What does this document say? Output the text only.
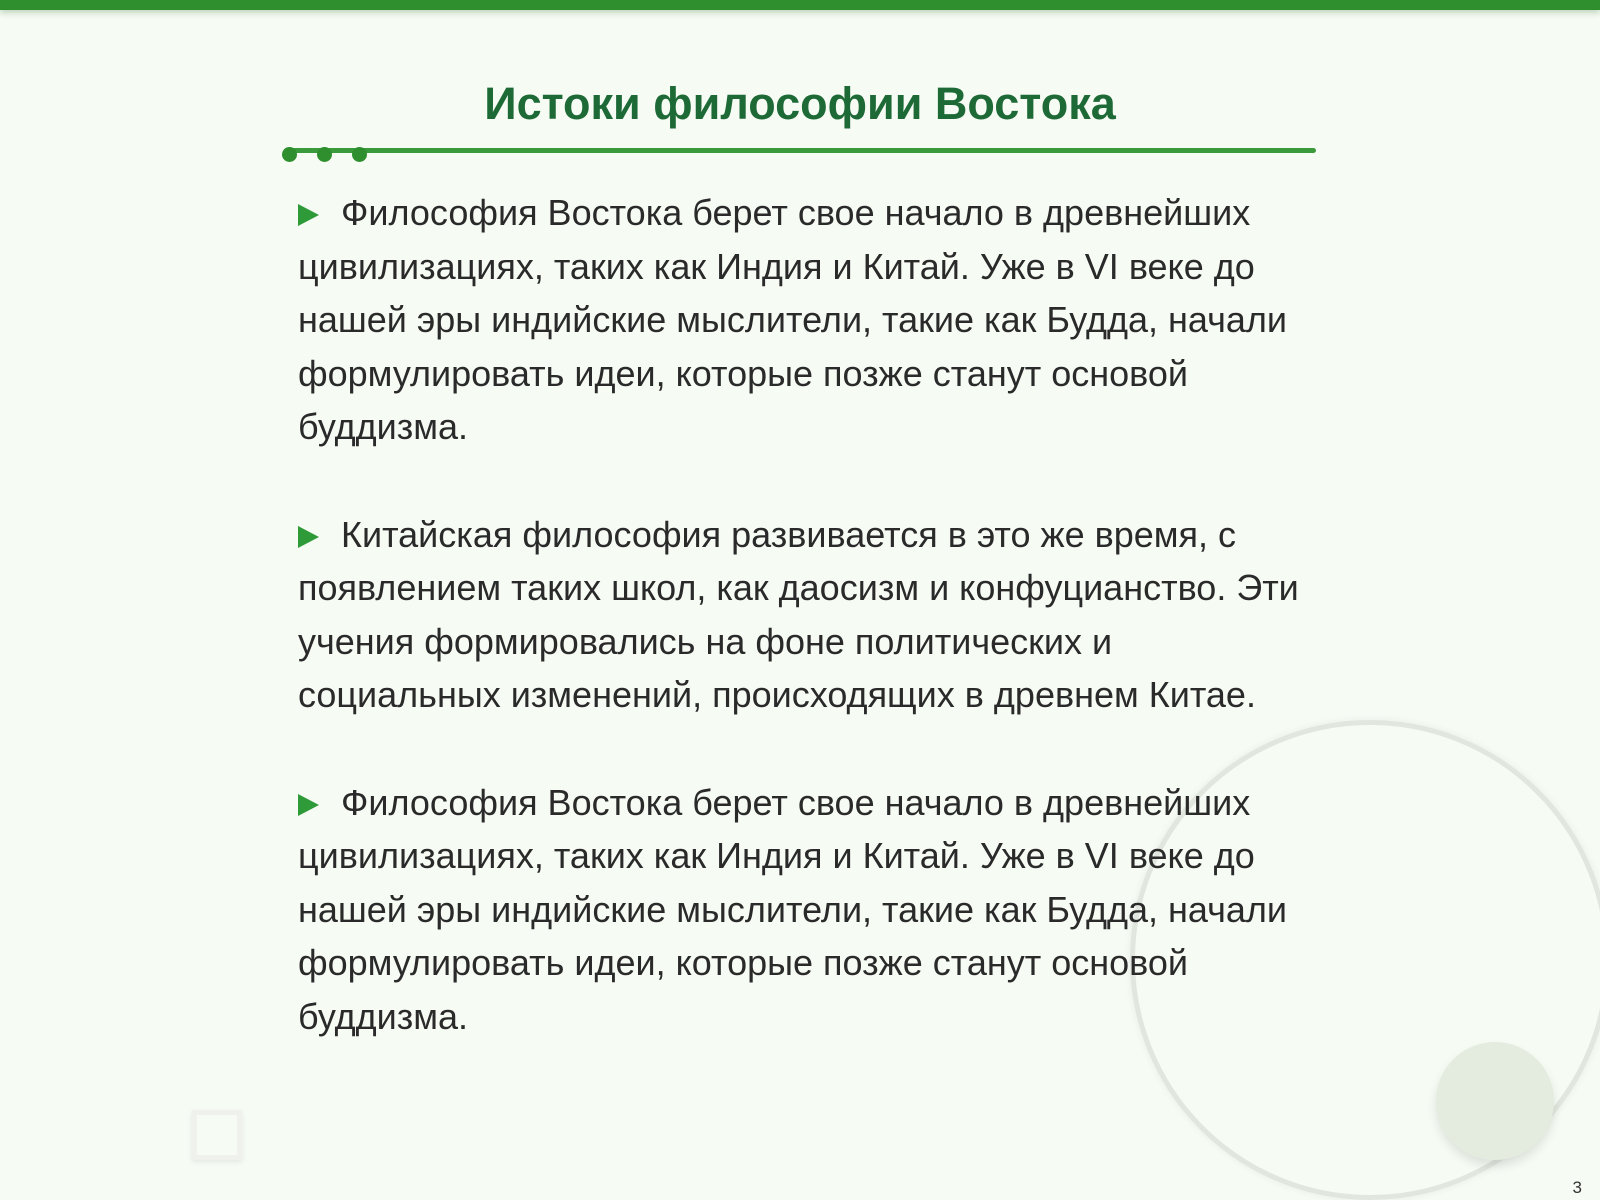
Истоки философии Востока

Философия Востока берет свое начало в древнейших цивилизациях, таких как Индия и Китай. Уже в VI веке до нашей эры индийские мыслители, такие как Будда, начали формулировать идеи, которые позже станут основой буддизма.

Китайская философия развивается в это же время, с появлением таких школ, как даосизм и конфуцианство. Эти учения формировались на фоне политических и социальных изменений, происходящих в древнем Китае.

Философия Востока берет свое начало в древнейших цивилизациях, таких как Индия и Китай. Уже в VI веке до нашей эры индийские мыслители, такие как Будда, начали формулировать идеи, которые позже станут основой буддизма.

3
